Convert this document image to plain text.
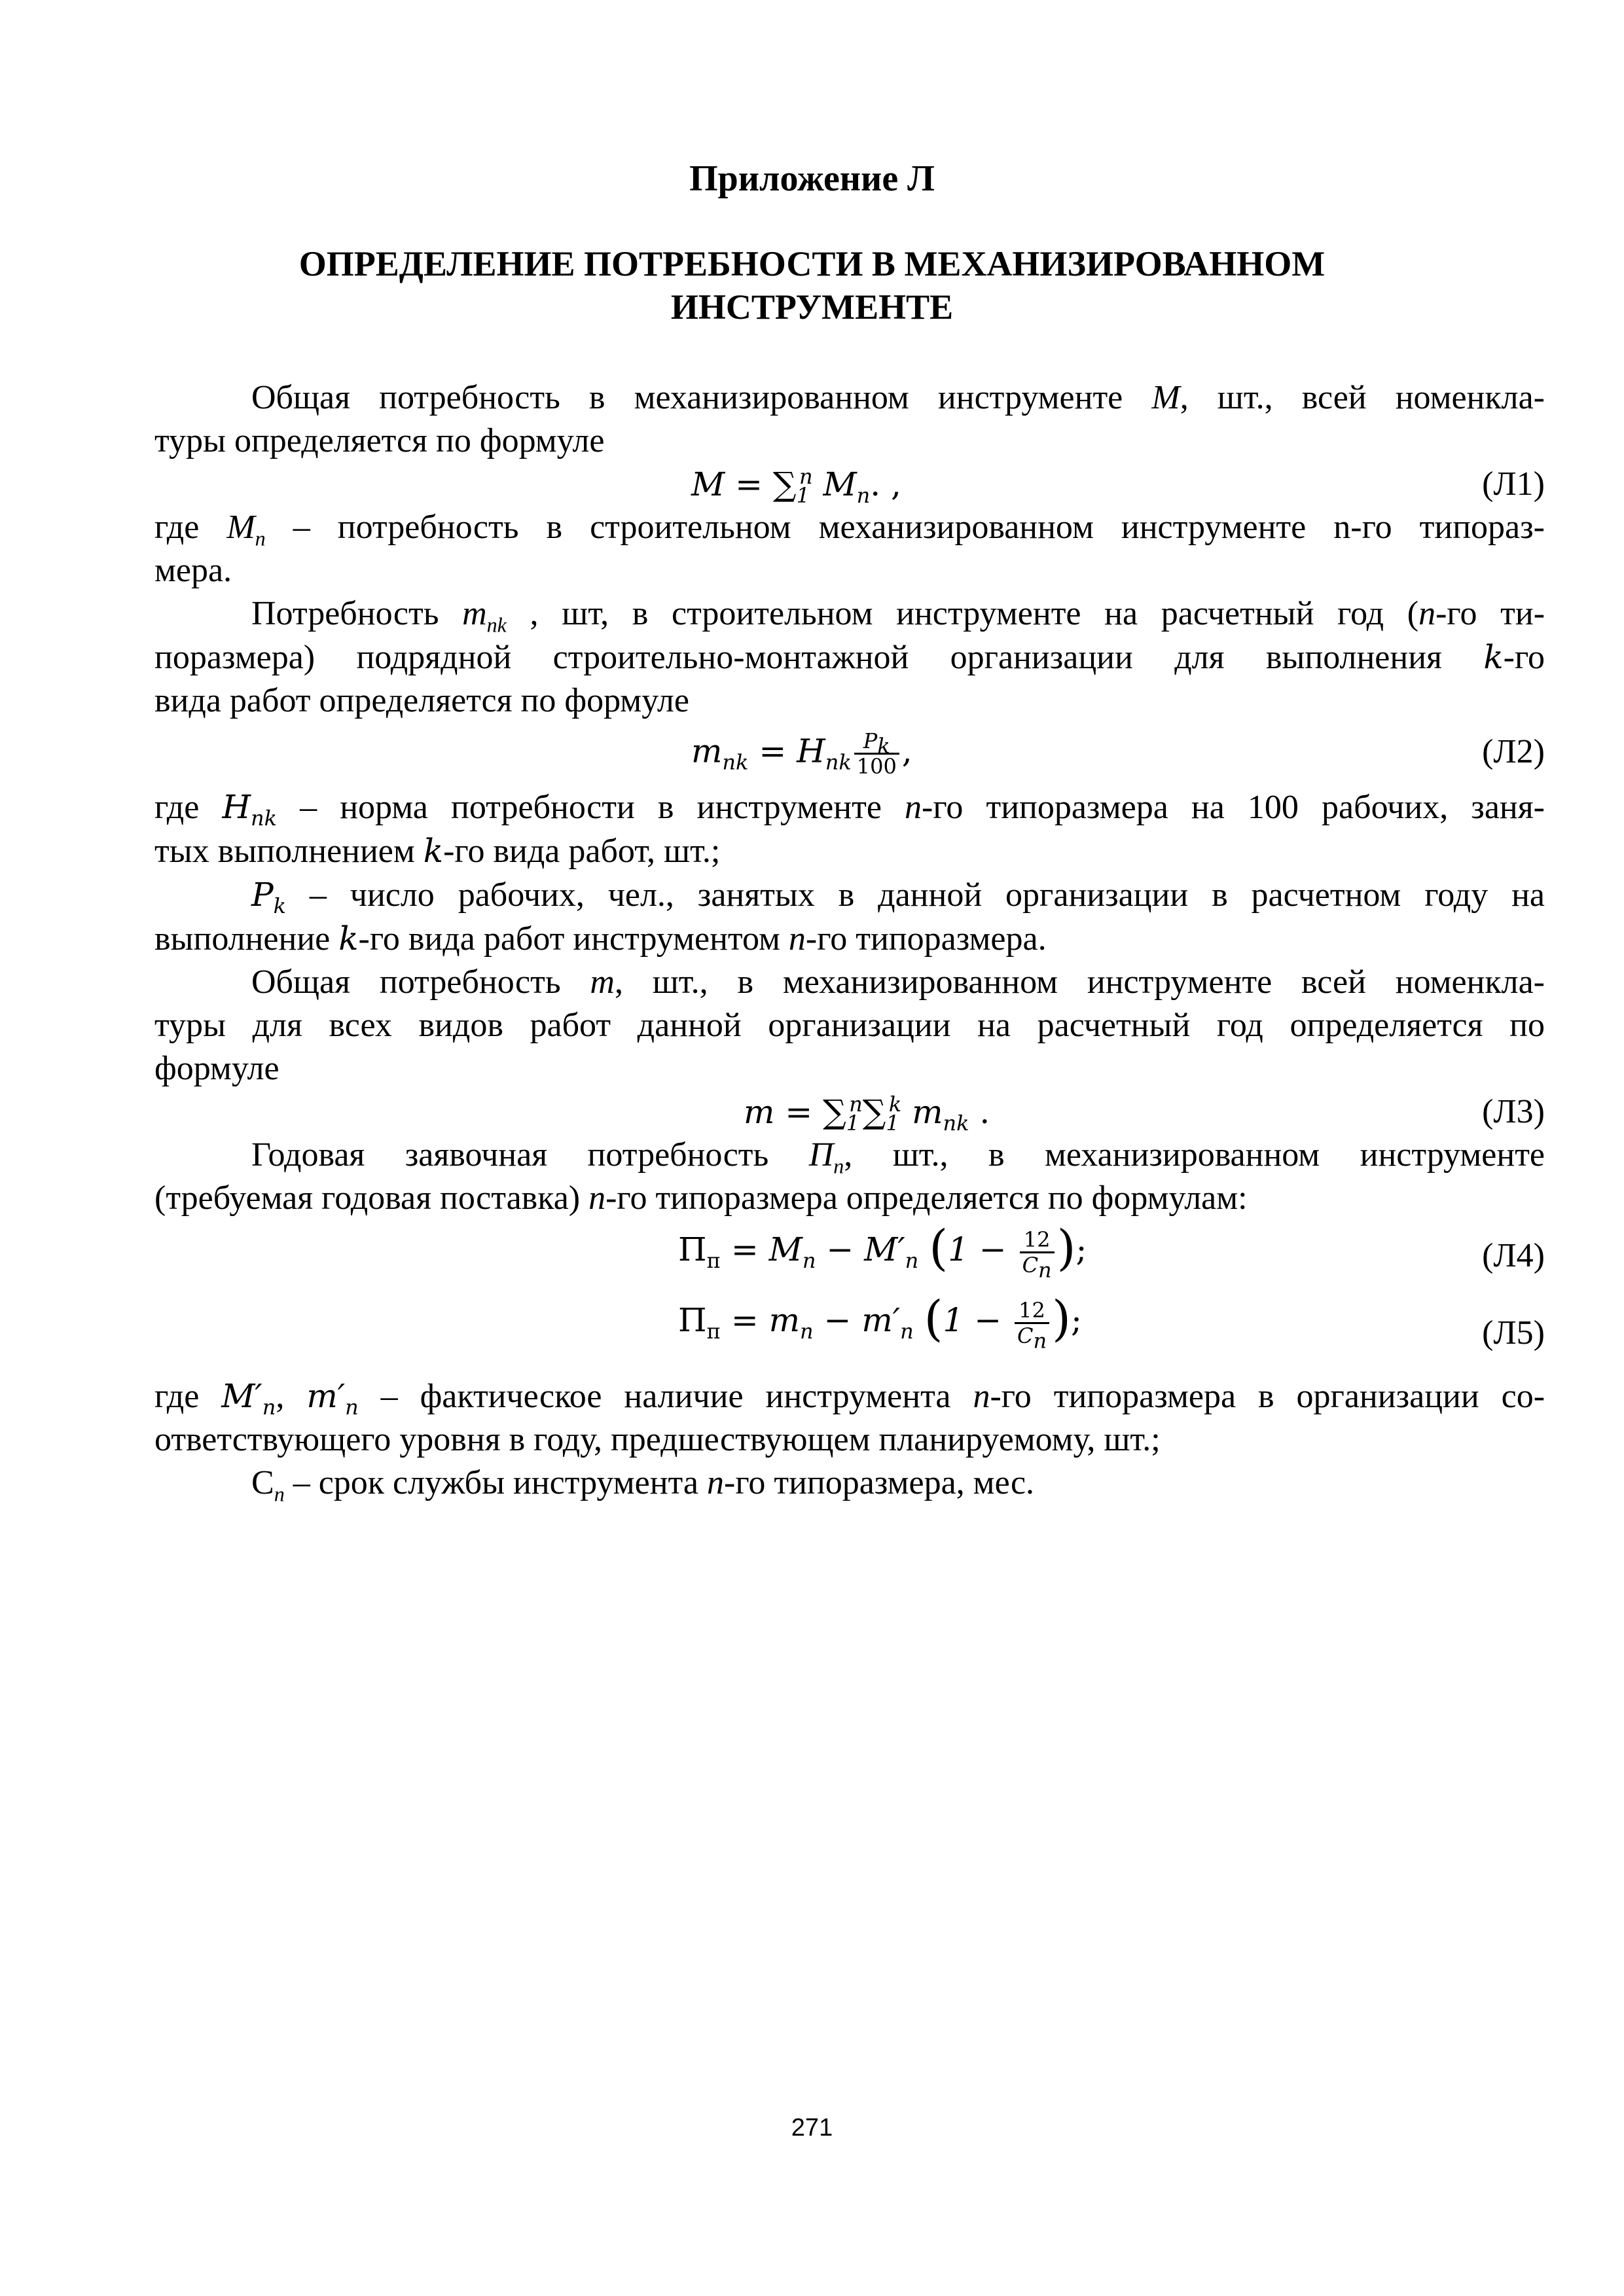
Приложение Л
ОПРЕДЕЛЕНИЕ ПОТРЕБНОСТИ В МЕХАНИЗИРОВАННОМ
ИНСТРУМЕНТЕ

Общая потребность в механизированном инструменте М, шт., всей номенкла-

туры определяется по формуле

$M = \sum_1^n$ $M_n$. ,	(Л1)

где $М_n$ – потребность в строительном механизированном инструменте n-го типораз-
мера.

Потребность $m_{nk}$ , шт, в строительном инструменте на расчетный год (n-го ти-

поразмера) подрядной строительно-монтажной организации для выполнения k-го
вида работ определяется по формуле

$m_{nk} = H_{nk} \frac{P_k}{100}$ ,	(Л2)

где $H_{nk}$ – норма потребности в инструменте n-го типоразмера на 100 рабочих, заня-
тых выполнением k-го вида работ, шт.;

$P_k$ – число рабочих, чел., занятых в данной организации в расчетном году на

выполнение k-го вида работ инструментом n-го типоразмера.

Общая потребность m, шт., в механизированном инструменте всей номенкла-

туры для всех видов работ данной организации на расчетный год определяется по
формуле

$m = \sum_1^n\sum_1^k$ $m_{nk}$ .	(Л3)

Годовая заявочная потребность $П_n$, шт., в механизированном инструменте

(требуемая годовая поставка) n-го типоразмера определяется по формулам:

$П_п = M_n - M'_n$ ($1 - \frac{12}{C_n}$ );	(Л4)
$П_п = m_n - m'_n$ ($1 - \frac{12}{C_n}$ );	(Л5)

где $M'_n$, $m'_n$ – фактическое наличие инструмента n-го типоразмера в организации со-
ответствующего уровня в году, предшествующем планируемому, шт.;

$С_n$ – срок службы инструмента n-го типоразмера, мес.

271
